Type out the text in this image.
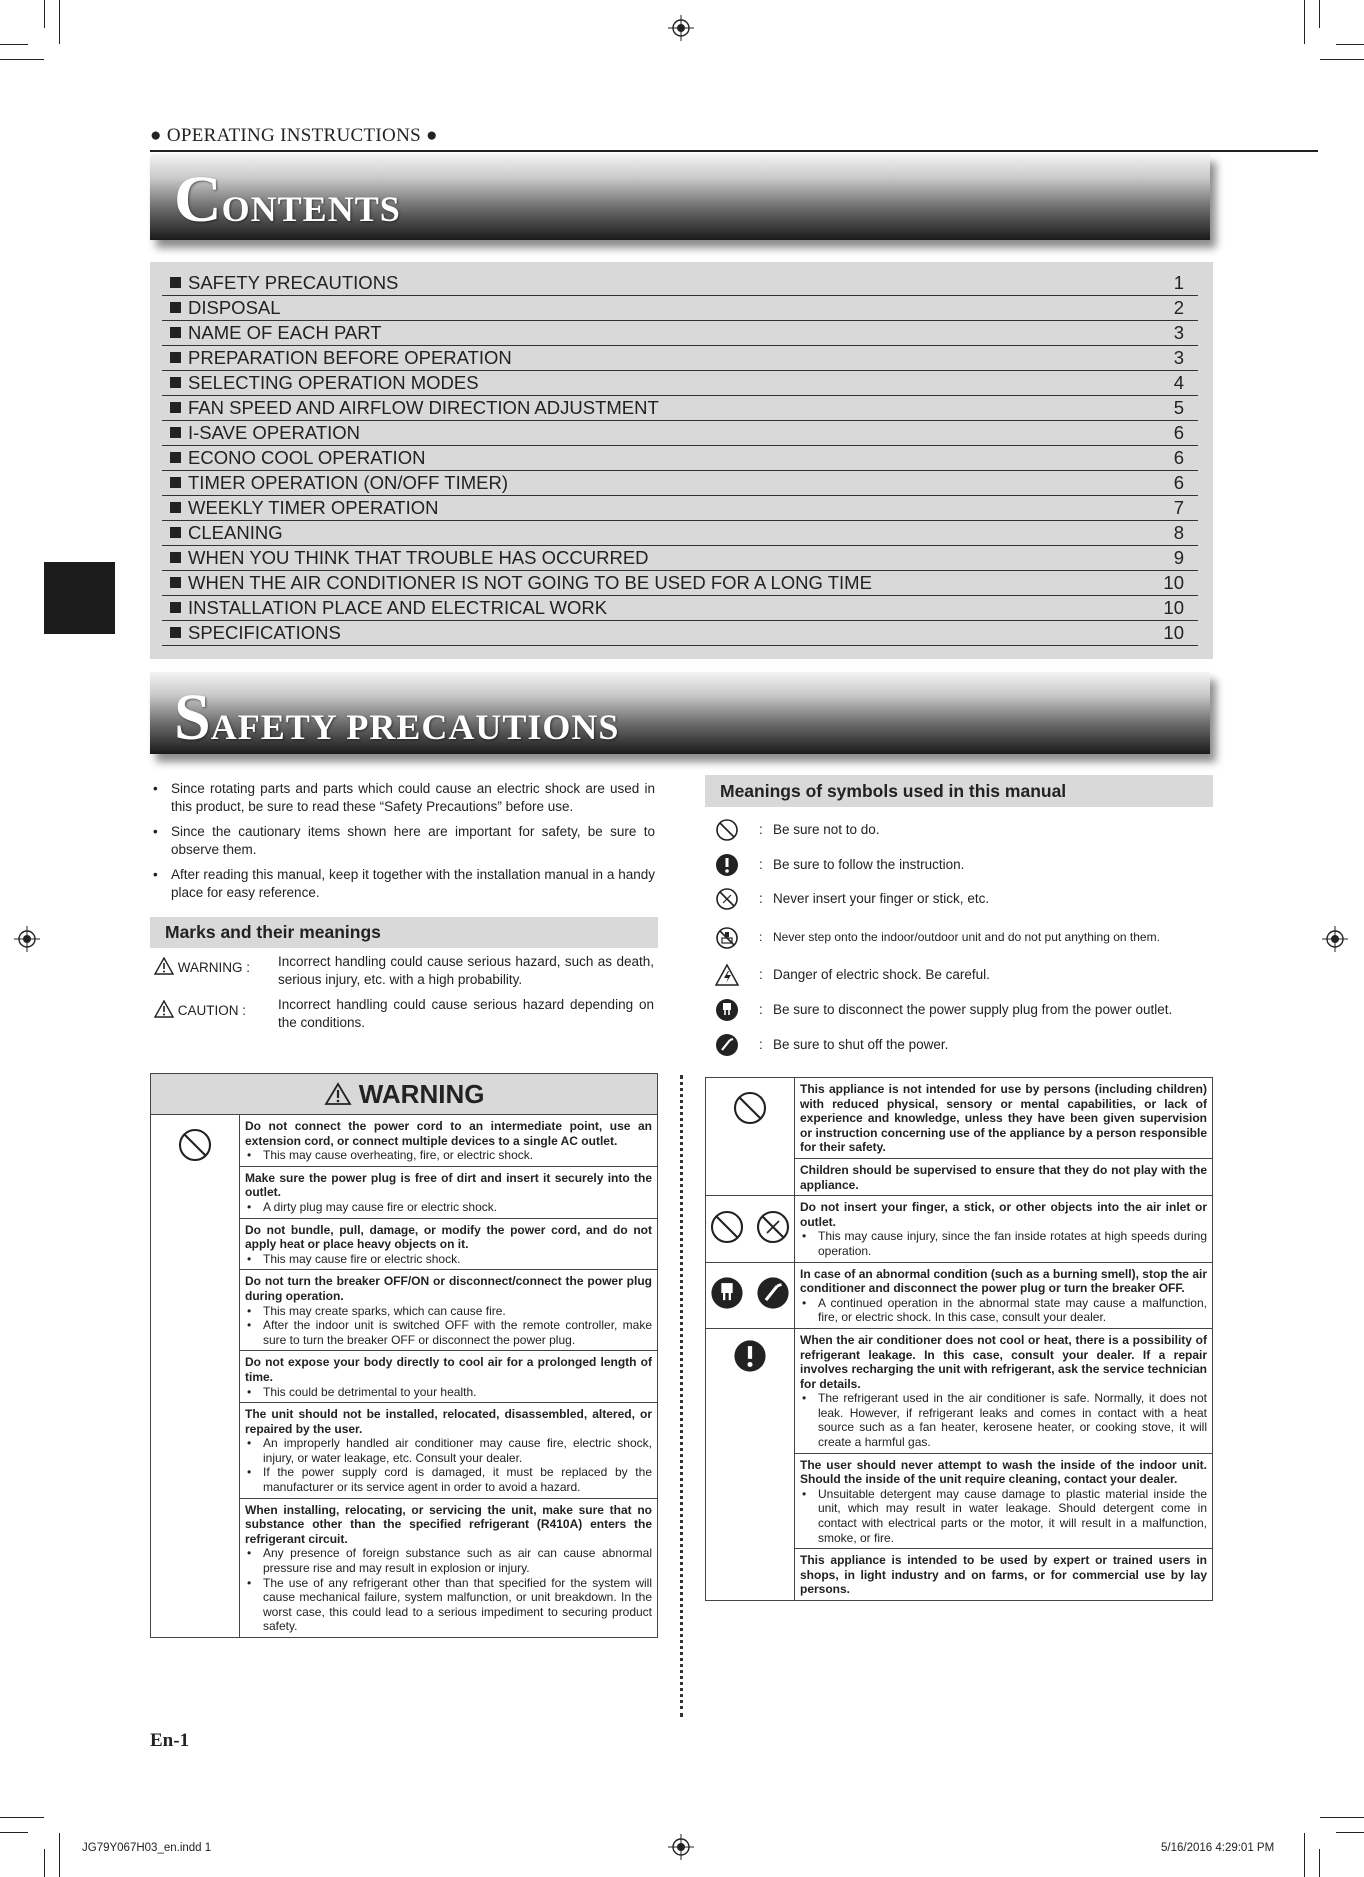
● OPERATING INSTRUCTIONS ●
CONTENTS
SAFETY PRECAUTIONS	1
DISPOSAL	2
NAME OF EACH PART	3
PREPARATION BEFORE OPERATION	3
SELECTING OPERATION MODES	4
FAN SPEED AND AIRFLOW DIRECTION ADJUSTMENT	5
I-SAVE OPERATION	6
ECONO COOL OPERATION	6
TIMER OPERATION (ON/OFF TIMER)	6
WEEKLY TIMER OPERATION	7
CLEANING	8
WHEN YOU THINK THAT TROUBLE HAS OCCURRED	9
WHEN THE AIR CONDITIONER IS NOT GOING TO BE USED FOR A LONG TIME	10
INSTALLATION PLACE AND ELECTRICAL WORK	10
SPECIFICATIONS	10
SAFETY PRECAUTIONS
• Since rotating parts and parts which could cause an electric shock are used in this product, be sure to read these “Safety Precautions” before use.
• Since the cautionary items shown here are important for safety, be sure to observe them.
• After reading this manual, keep it together with the installation manual in a handy place for easy reference.
Marks and their meanings
WARNING : Incorrect handling could cause serious hazard, such as death, serious injury, etc. with a high probability.
CAUTION : Incorrect handling could cause serious hazard depending on the conditions.
Meanings of symbols used in this manual
: Be sure not to do.
: Be sure to follow the instruction.
: Never insert your finger or stick, etc.
: Never step onto the indoor/outdoor unit and do not put anything on them.
: Danger of electric shock. Be careful.
: Be sure to disconnect the power supply plug from the power outlet.
: Be sure to shut off the power.
WARNING

Do not connect the power cord to an intermediate point, use an extension cord, or connect multiple devices to a single AC outlet.
• This may cause overheating, fire, or electric shock.

Make sure the power plug is free of dirt and insert it securely into the outlet.
• A dirty plug may cause fire or electric shock.

Do not bundle, pull, damage, or modify the power cord, and do not apply heat or place heavy objects on it.
• This may cause fire or electric shock.

Do not turn the breaker OFF/ON or disconnect/connect the power plug during operation.
• This may create sparks, which can cause fire.
• After the indoor unit is switched OFF with the remote controller, make sure to turn the breaker OFF or disconnect the power plug.

Do not expose your body directly to cool air for a prolonged length of time.
• This could be detrimental to your health.

The unit should not be installed, relocated, disassembled, altered, or repaired by the user.
• An improperly handled air conditioner may cause fire, electric shock, injury, or water leakage, etc. Consult your dealer.
• If the power supply cord is damaged, it must be replaced by the manufacturer or its service agent in order to avoid a hazard.

When installing, relocating, or servicing the unit, make sure that no substance other than the specified refrigerant (R410A) enters the refrigerant circuit.
• Any presence of foreign substance such as air can cause abnormal pressure rise and may result in explosion or injury.
• The use of any refrigerant other than that specified for the system will cause mechanical failure, system malfunction, or unit breakdown. In the worst case, this could lead to a serious impediment to securing product safety.

This appliance is not intended for use by persons (including children) with reduced physical, sensory or mental capabilities, or lack of experience and knowledge, unless they have been given supervision or instruction concerning use of the appliance by a person responsible for their safety.

	Children should be supervised to ensure that they do not play with the appliance.

Do not insert your finger, a stick, or other objects into the air inlet or outlet.
• This may cause injury, since the fan inside rotates at high speeds during operation.

In case of an abnormal condition (such as a burning smell), stop the air conditioner and disconnect the power plug or turn the breaker OFF.
• A continued operation in the abnormal state may cause a malfunction, fire, or electric shock. In this case, consult your dealer.

When the air conditioner does not cool or heat, there is a possibility of refrigerant leakage. In this case, consult your dealer. If a repair involves recharging the unit with refrigerant, ask the service technician for details.
• The refrigerant used in the air conditioner is safe. Normally, it does not leak. However, if refrigerant leaks and comes in contact with a heat source such as a fan heater, kerosene heater, or cooking stove, it will create a harmful gas.

	The user should never attempt to wash the inside of the indoor unit. Should the inside of the unit require cleaning, contact your dealer.
• Unsuitable detergent may cause damage to plastic material inside the unit, which may result in water leakage. Should detergent come in contact with electrical parts or the motor, it will result in a malfunction, smoke, or fire.

	This appliance is intended to be used by expert or trained users in shops, in light industry and on farms, or for commercial use by lay persons.
En-1
JG79Y067H03_en.indd 1	5/16/2016 4:29:01 PM
